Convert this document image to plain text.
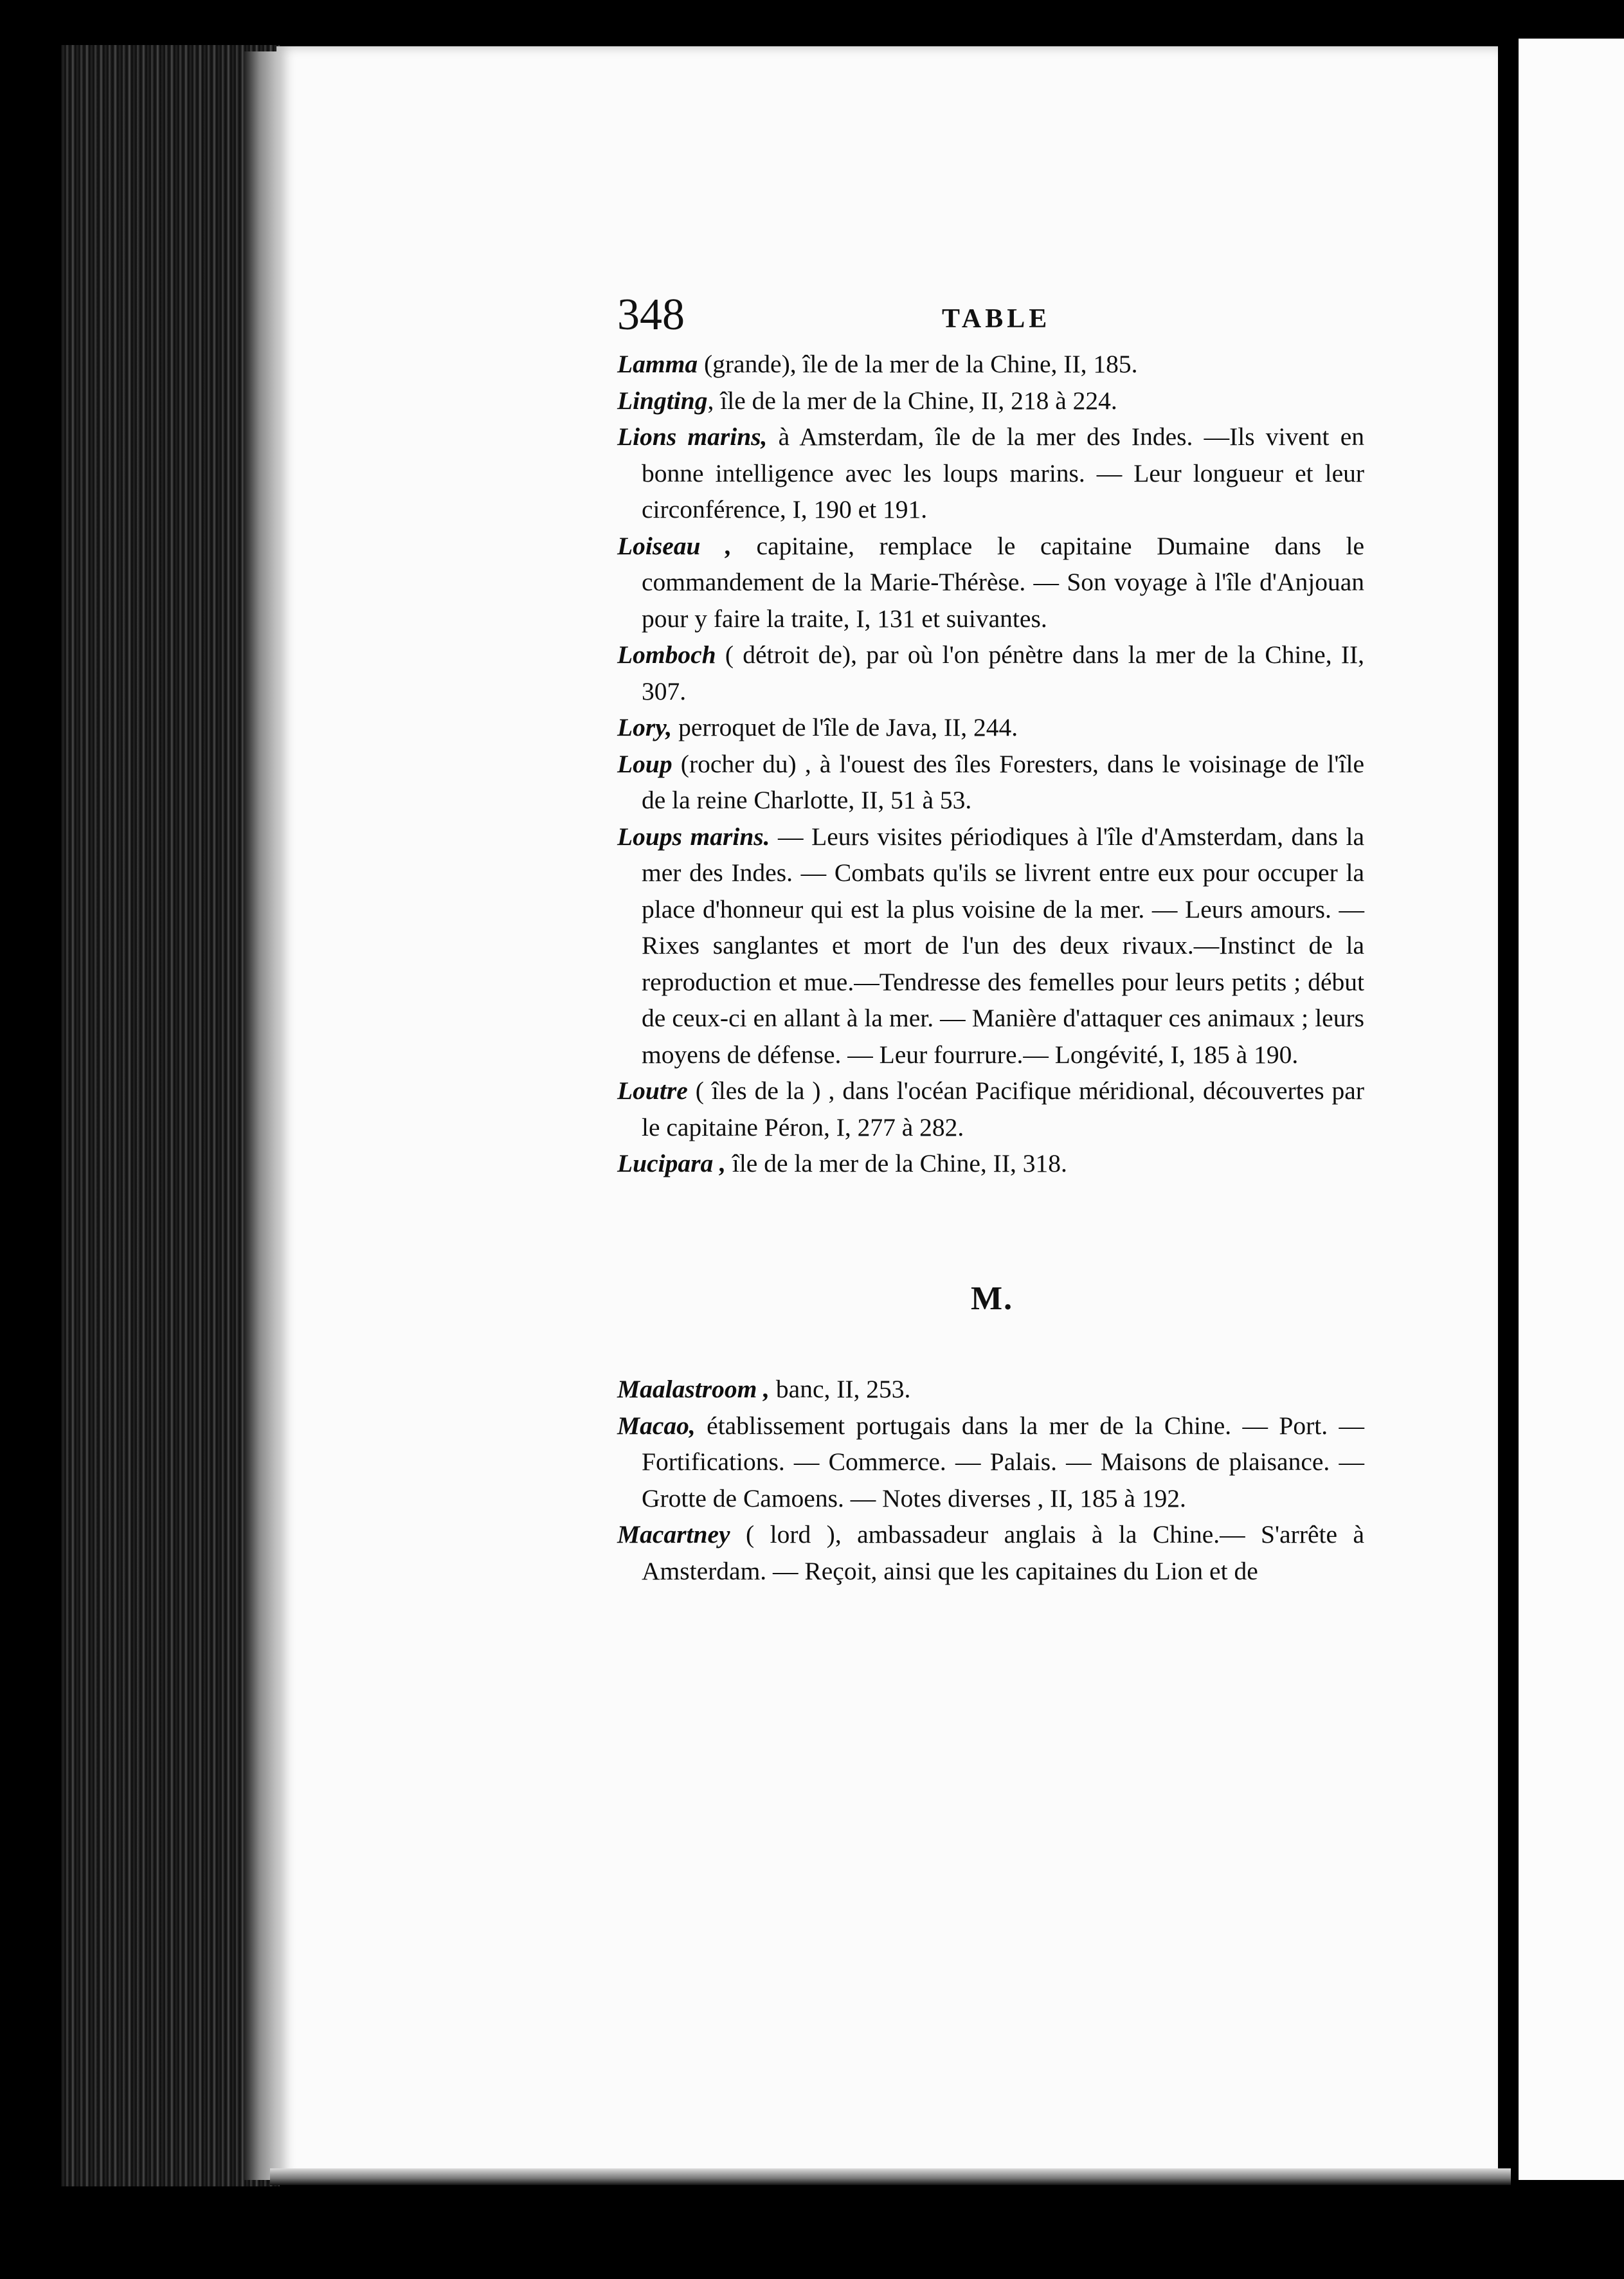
348	TABLE
Lamma (grande), île de la mer de la Chine, II, 185.
Lingting, île de la mer de la Chine, II, 218 à 224.
Lions marins, à Amsterdam, île de la mer des Indes. —Ils vivent en bonne intelligence avec les loups marins. — Leur longueur et leur circonférence, I, 190 et 191.
Loiseau , capitaine, remplace le capitaine Dumaine dans le commandement de la Marie-Thérèse. — Son voyage à l'île d'Anjouan pour y faire la traite, I, 131 et suivantes.
Lomboch ( détroit de), par où l'on pénètre dans la mer de la Chine, II, 307.
Lory, perroquet de l'île de Java, II, 244.
Loup (rocher du) , à l'ouest des îles Foresters, dans le voisinage de l'île de la reine Charlotte, II, 51 à 53.
Loups marins. — Leurs visites périodiques à l'île d'Amsterdam, dans la mer des Indes. — Combats qu'ils se livrent entre eux pour occuper la place d'honneur qui est la plus voisine de la mer. — Leurs amours. — Rixes sanglantes et mort de l'un des deux rivaux.—Instinct de la reproduction et mue.—Tendresse des femelles pour leurs petits ; début de ceux-ci en allant à la mer. — Manière d'attaquer ces animaux ; leurs moyens de défense. — Leur fourrure.— Longévité, I, 185 à 190.
Loutre ( îles de la ) , dans l'océan Pacifique méridional, découvertes par le capitaine Péron, I, 277 à 282.
Lucipara , île de la mer de la Chine, II, 318.
M.
Maalastroom , banc, II, 253.
Macao, établissement portugais dans la mer de la Chine. — Port. — Fortifications. — Commerce. — Palais. — Maisons de plaisance. — Grotte de Camoens. — Notes diverses , II, 185 à 192.
Macartney ( lord ), ambassadeur anglais à la Chine.— S'arrête à Amsterdam. — Reçoit, ainsi que les capitaines du Lion et de
